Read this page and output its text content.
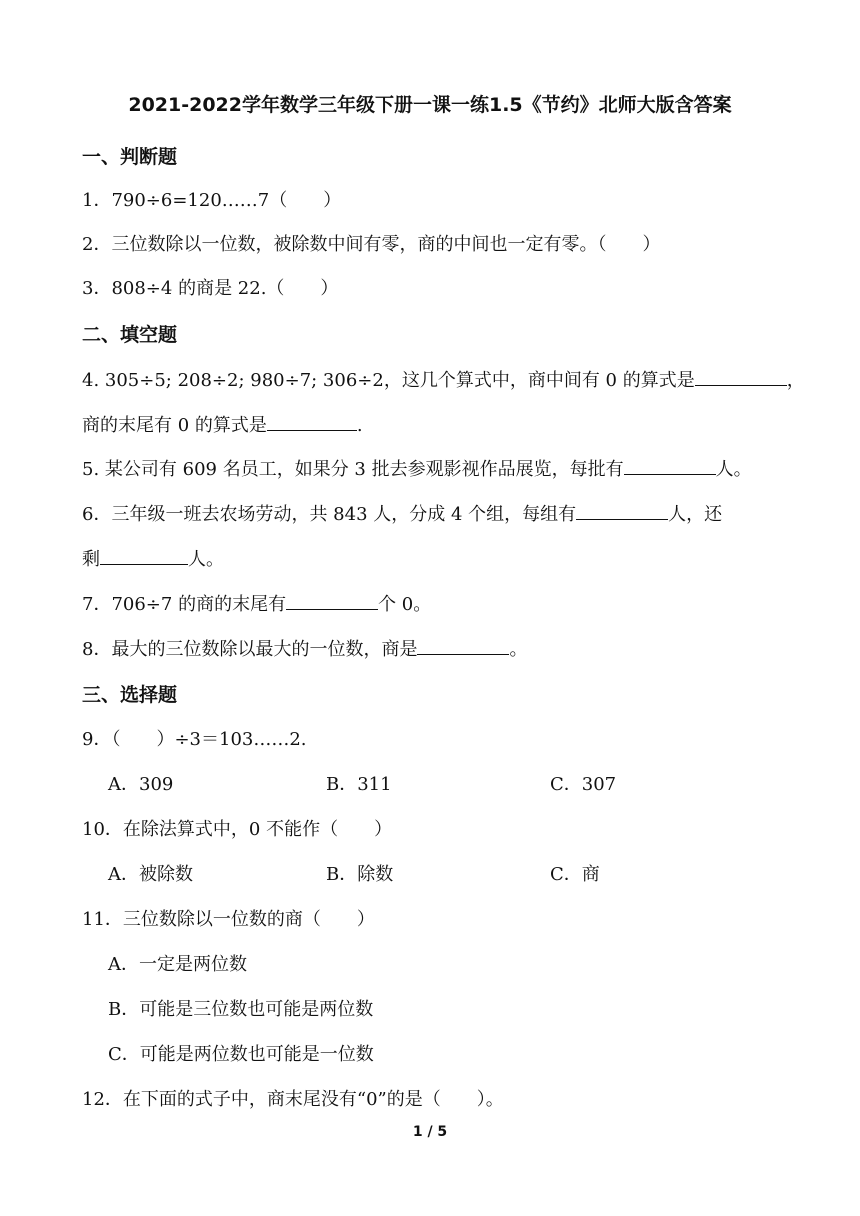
2021-2022学年数学三年级下册一课一练1.5《节约》北师大版含答案
一、判断题
1．790÷6=120……7（　　）
2．三位数除以一位数，被除数中间有零，商的中间也一定有零。（　　）
3．808÷4 的商是 22.（　　）
二、填空题
4. 305÷5; 208÷2; 980÷7; 306÷2，这几个算式中，商中间有 0 的算式是	，
商的末尾有 0 的算式是	.
5. 某公司有 609 名员工，如果分 3 批去参观影视作品展览，每批有	人。
6．三年级一班去农场劳动，共 843 人，分成 4 个组，每组有	人，还
剩	人。
7．706÷7 的商的末尾有	个 0。
8．最大的三位数除以最大的一位数，商是	。
三、选择题
9．（　　）÷3＝103……2.
A．309	B．311	C．307
10．在除法算式中，0 不能作（　　）
A．被除数	B．除数	C．商
11．三位数除以一位数的商（　　）
A．一定是两位数
B．可能是三位数也可能是两位数
C．可能是两位数也可能是一位数
12．在下面的式子中，商末尾没有“0”的是（　　）。
1 / 5
